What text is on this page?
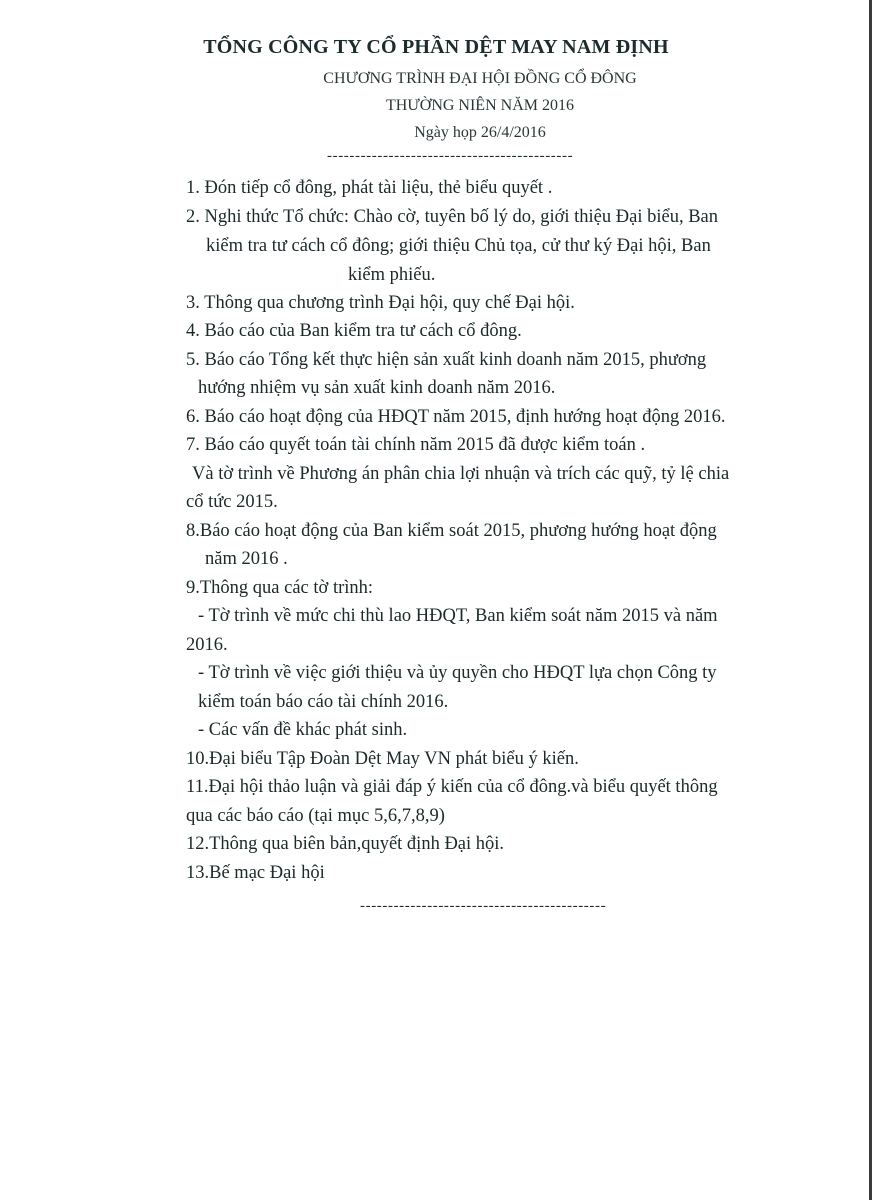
TỔNG CÔNG TY CỔ PHẦN DỆT MAY NAM ĐỊNH
CHƯƠNG TRÌNH ĐẠI HỘI ĐỒNG CỔ ĐÔNG
THƯỜNG NIÊN NĂM 2016
Ngày họp 26/4/2016
--------------------------------------------
1. Đón tiếp cổ đông, phát tài liệu, thẻ biểu quyết .
2. Nghi thức Tổ chức: Chào cờ, tuyên bố lý do, giới thiệu Đại biểu, Ban
kiểm tra tư cách cổ đông; giới thiệu Chủ tọa, cử thư ký Đại hội, Ban
kiểm phiếu.
3. Thông qua chương trình Đại hội, quy chế Đại hội.
4. Báo cáo của Ban kiểm tra tư cách cổ đông.
5. Báo cáo Tổng kết thực hiện sản xuất kinh doanh năm 2015, phương
hướng nhiệm vụ sản xuất kinh doanh năm 2016.
6. Báo cáo hoạt động của HĐQT năm 2015, định hướng hoạt động 2016.
7. Báo cáo quyết toán tài chính năm 2015 đã được kiểm toán .
Và tờ trình về Phương án phân chia lợi nhuận và trích các quỹ, tỷ lệ chia
cổ tức 2015.
8.Báo cáo hoạt động của Ban kiểm soát 2015, phương hướng hoạt động
năm 2016 .
9.Thông qua các tờ trình:
- Tờ trình về mức chi thù lao HĐQT, Ban kiểm soát năm 2015 và năm
2016.
- Tờ trình về việc giới thiệu và ủy quyền cho HĐQT lựa chọn Công ty
kiểm toán báo cáo tài chính 2016.
- Các vấn đề khác phát sinh.
10.Đại biểu Tập Đoàn Dệt May VN phát biểu ý kiến.
11.Đại hội thảo luận và giải đáp ý kiến của cổ đông.và biểu quyết thông
qua các báo cáo (tại mục 5,6,7,8,9)
12.Thông qua biên bản,quyết định Đại hội.
13.Bế mạc Đại hội
--------------------------------------------
